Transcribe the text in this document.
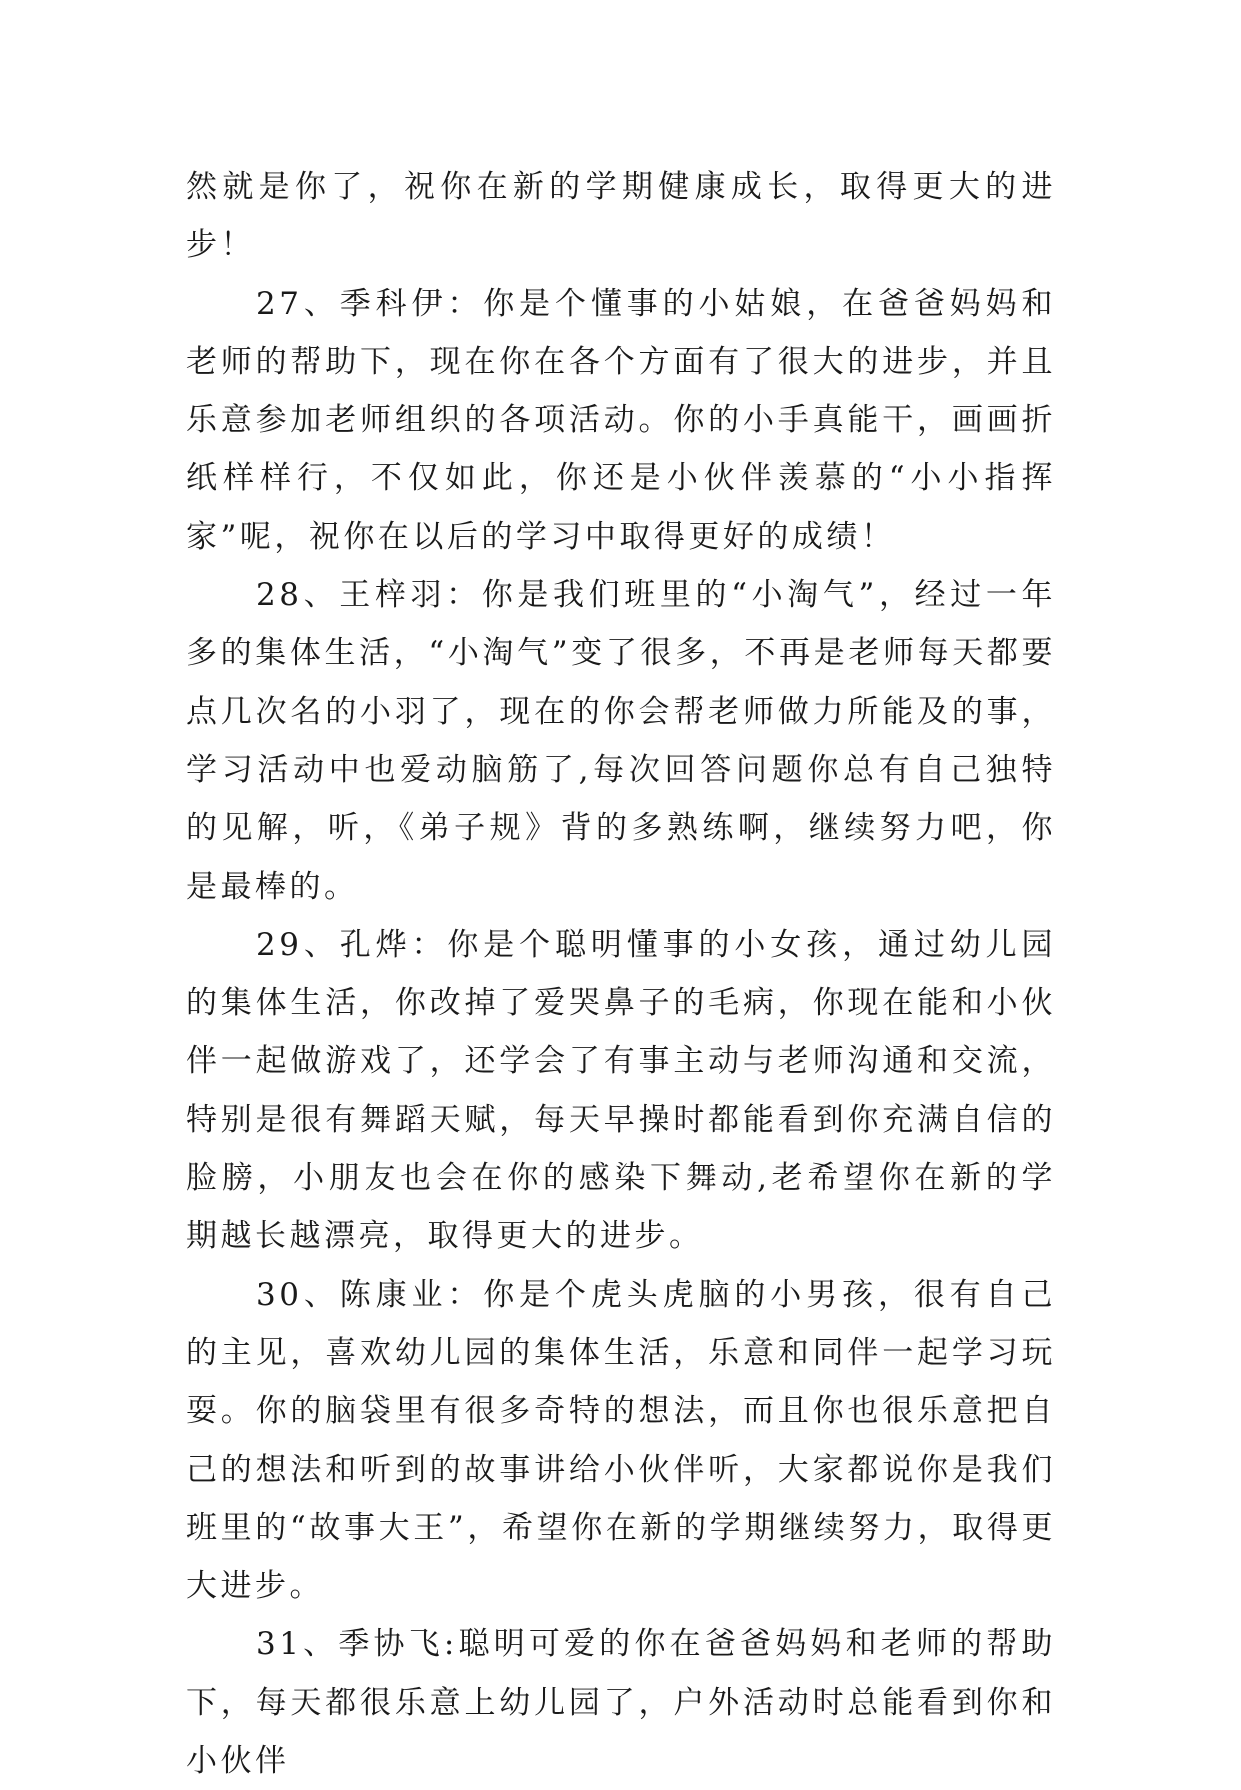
然就是你了，祝你在新的学期健康成长，取得更大的进步！

27、季科伊：你是个懂事的小姑娘，在爸爸妈妈和老师的帮助下，现在你在各个方面有了很大的进步，并且乐意参加老师组织的各项活动。你的小手真能干，画画折纸样样行，不仅如此，你还是小伙伴羡慕的“小小指挥家”呢，祝你在以后的学习中取得更好的成绩！

28、王梓羽：你是我们班里的“小淘气”，经过一年多的集体生活，“小淘气”变了很多，不再是老师每天都要点几次名的小羽了，现在的你会帮老师做力所能及的事，学习活动中也爱动脑筋了,每次回答问题你总有自己独特的见解，听，《弟子规》背的多熟练啊，继续努力吧，你是最棒的。

29、孔烨：你是个聪明懂事的小女孩，通过幼儿园的集体生活，你改掉了爱哭鼻子的毛病，你现在能和小伙伴一起做游戏了，还学会了有事主动与老师沟通和交流，特别是很有舞蹈天赋，每天早操时都能看到你充满自信的脸膀，小朋友也会在你的感染下舞动,老希望你在新的学期越长越漂亮，取得更大的进步。

30、陈康业：你是个虎头虎脑的小男孩，很有自己的主见，喜欢幼儿园的集体生活，乐意和同伴一起学习玩耍。你的脑袋里有很多奇特的想法，而且你也很乐意把自己的想法和听到的故事讲给小伙伴听，大家都说你是我们班里的“故事大王”，希望你在新的学期继续努力，取得更大进步。

31、季协飞:聪明可爱的你在爸爸妈妈和老师的帮助下，每天都很乐意上幼儿园了，户外活动时总能看到你和小伙伴
